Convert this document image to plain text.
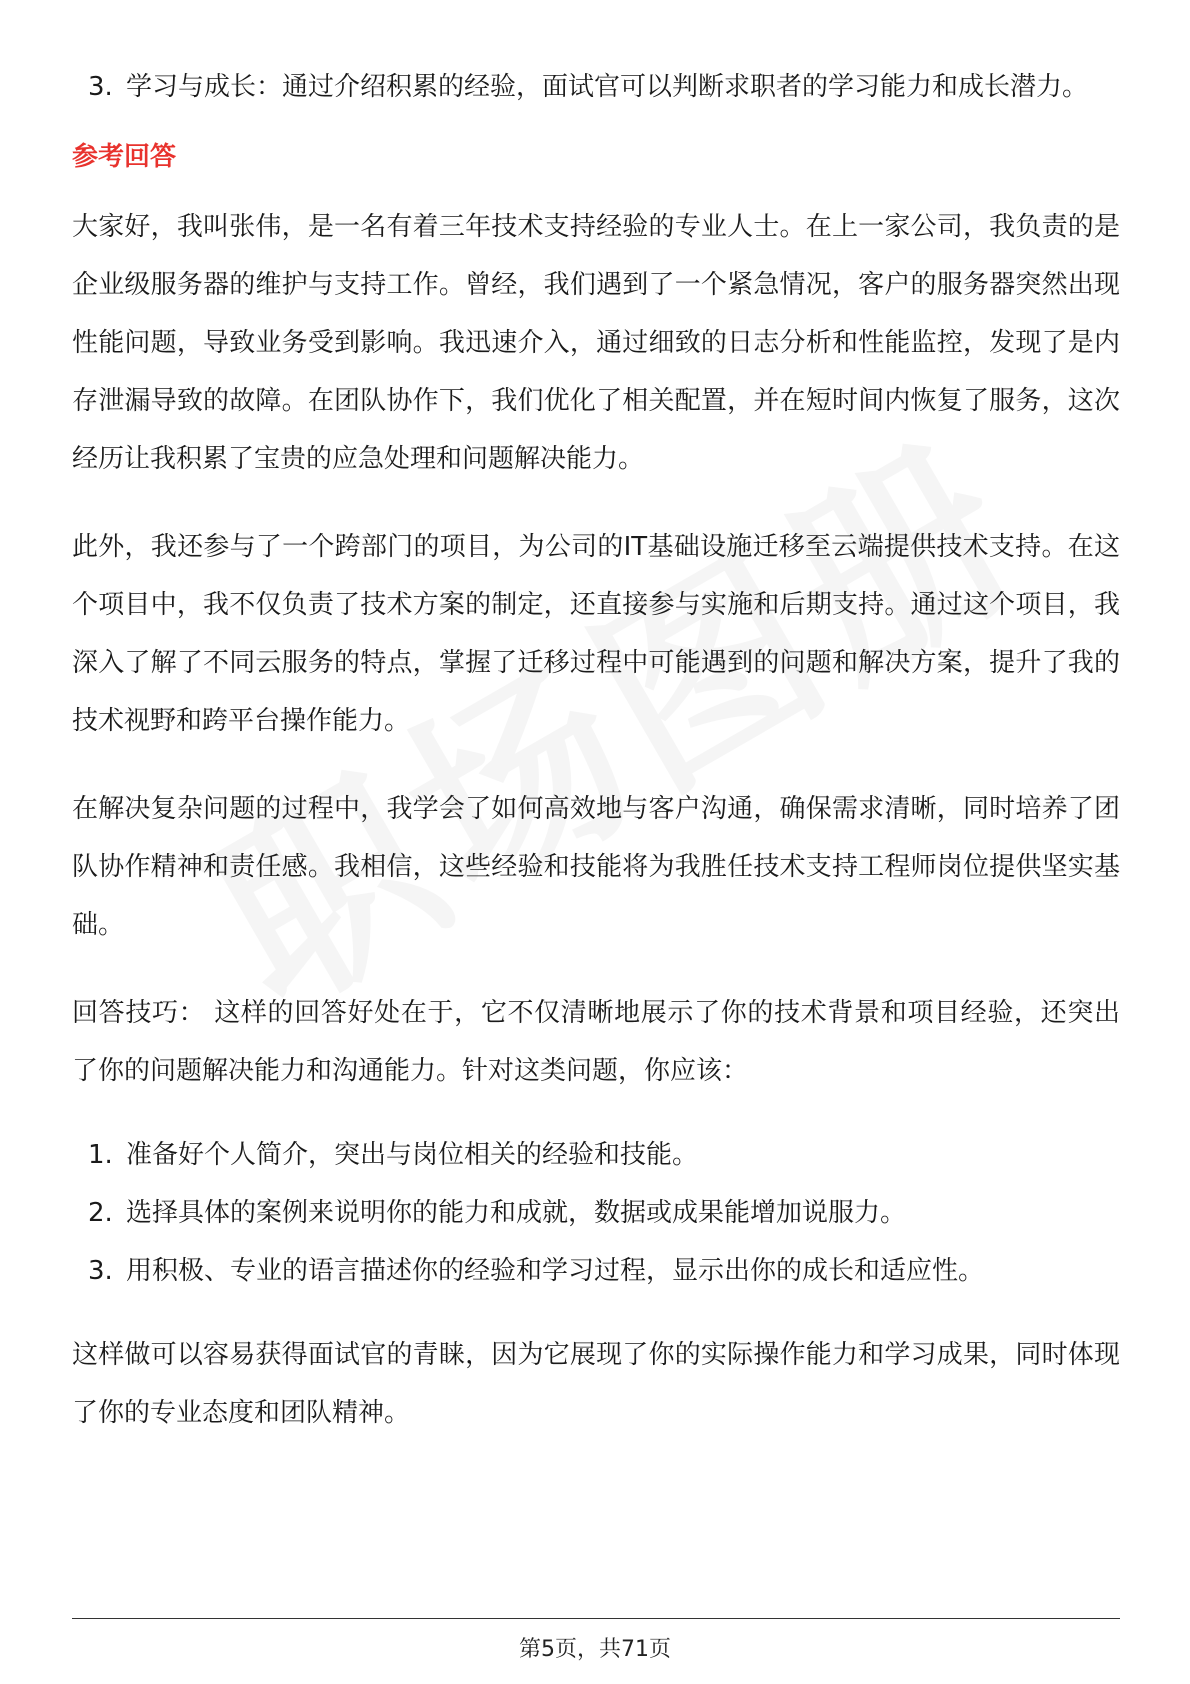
3. 学习与成长：通过介绍积累的经验，面试官可以判断求职者的学习能力和成长潜力。
参考回答

大家好，我叫张伟，是一名有着三年技术支持经验的专业人士。在上一家公司，我负责的是企业级服务器的维护与支持工作。曾经，我们遇到了一个紧急情况，客户的服务器突然出现性能问题，导致业务受到影响。我迅速介入，通过细致的日志分析和性能监控，发现了是内存泄漏导致的故障。在团队协作下，我们优化了相关配置，并在短时间内恢复了服务，这次经历让我积累了宝贵的应急处理和问题解决能力。

此外，我还参与了一个跨部门的项目，为公司的IT基础设施迁移至云端提供技术支持。在这个项目中，我不仅负责了技术方案的制定，还直接参与实施和后期支持。通过这个项目，我深入了解了不同云服务的特点，掌握了迁移过程中可能遇到的问题和解决方案，提升了我的技术视野和跨平台操作能力。

在解决复杂问题的过程中，我学会了如何高效地与客户沟通，确保需求清晰，同时培养了团队协作精神和责任感。我相信，这些经验和技能将为我胜任技术支持工程师岗位提供坚实基础。

回答技巧： 这样的回答好处在于，它不仅清晰地展示了你的技术背景和项目经验，还突出了你的问题解决能力和沟通能力。针对这类问题，你应该：

1. 准备好个人简介，突出与岗位相关的经验和技能。
2. 选择具体的案例来说明你的能力和成就，数据或成果能增加说服力。
3. 用积极、专业的语言描述你的经验和学习过程，显示出你的成长和适应性。

这样做可以容易获得面试官的青睐，因为它展现了你的实际操作能力和学习成果，同时体现了你的专业态度和团队精神。

第5页，共71页
